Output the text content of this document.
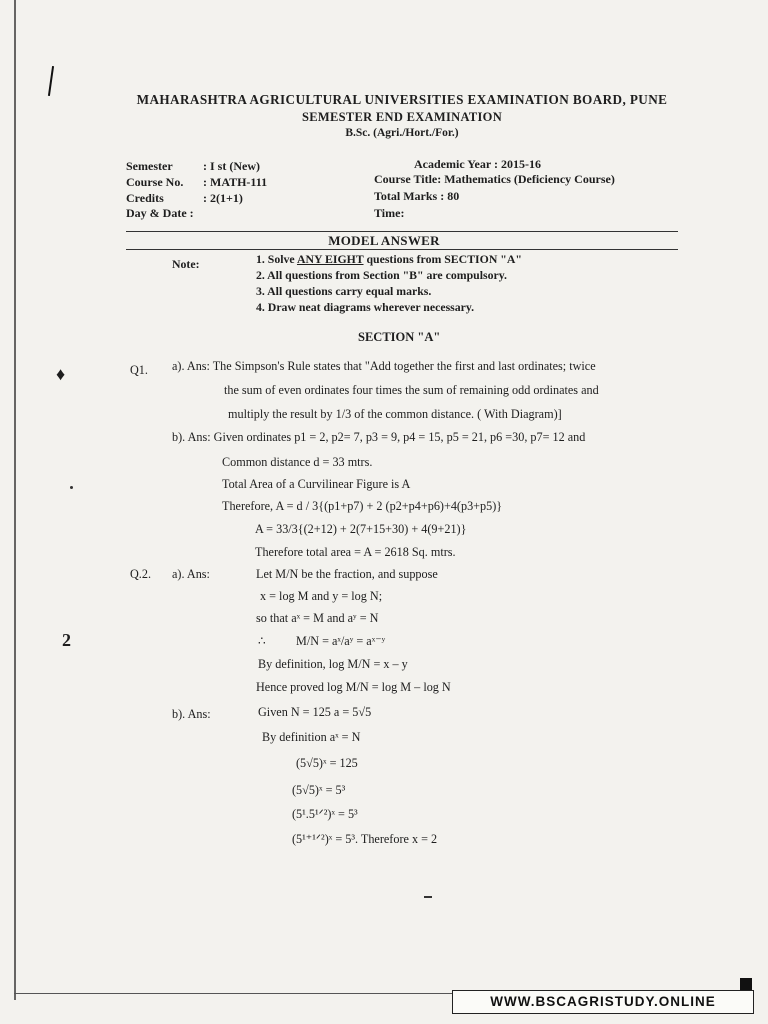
MAHARASHTRA AGRICULTURAL UNIVERSITIES EXAMINATION BOARD, PUNE
SEMESTER END EXAMINATION
B.Sc. (Agri./Hort./For.)
Semester	: I st (New)
Course No. : MATH-111
Credits	: 2(1+1)
Day & Date :
Academic Year : 2015-16
Course Title: Mathematics (Deficiency Course)
Total Marks : 80
Time:
MODEL ANSWER
Note:	1. Solve ANY EIGHT questions from SECTION "A"
2. All questions from Section "B" are compulsory.
3. All questions carry equal marks.
4. Draw neat diagrams wherever necessary.
SECTION "A"
♦
2
Q1. a). Ans: The Simpson's Rule states that "Add together the first and last ordinates; twice
the sum of even ordinates four times the sum of remaining odd ordinates and
multiply the result by 1/3 of the common distance. ( With Diagram)]
b). Ans: Given ordinates p1 = 2, p2= 7, p3 = 9, p4 = 15, p5 = 21, p6 =30, p7= 12 and
Common distance d = 33 mtrs.
Total Area of a Curvilinear Figure is A
Therefore, A = d / 3{(p1+p7) + 2 (p2+p4+p6)+4(p3+p5)}
A = 33/3{(2+12) + 2(7+15+30) + 4(9+21)}
Therefore total area = A = 2618 Sq. mtrs.
Q.2. a). Ans:	Let M/N be the fraction, and suppose
x = log M and y = log N;
so that aˣ = M and aʸ = N
∴ M/N = aˣ/aʸ = aˣ⁻ʸ
By definition, log M/N = x – y
Hence proved log M/N = log M – log N
b). Ans:	Given N = 125 a = 5√5
By definition aˣ = N
(5√5)ˣ = 125
(5√5)ˣ = 5³
(5¹.5¹ᐟ²)ˣ = 5³
(5¹⁺¹ᐟ²)ˣ = 5³. Therefore x = 2
WWW.BSCAGRISTUDY.ONLINE
